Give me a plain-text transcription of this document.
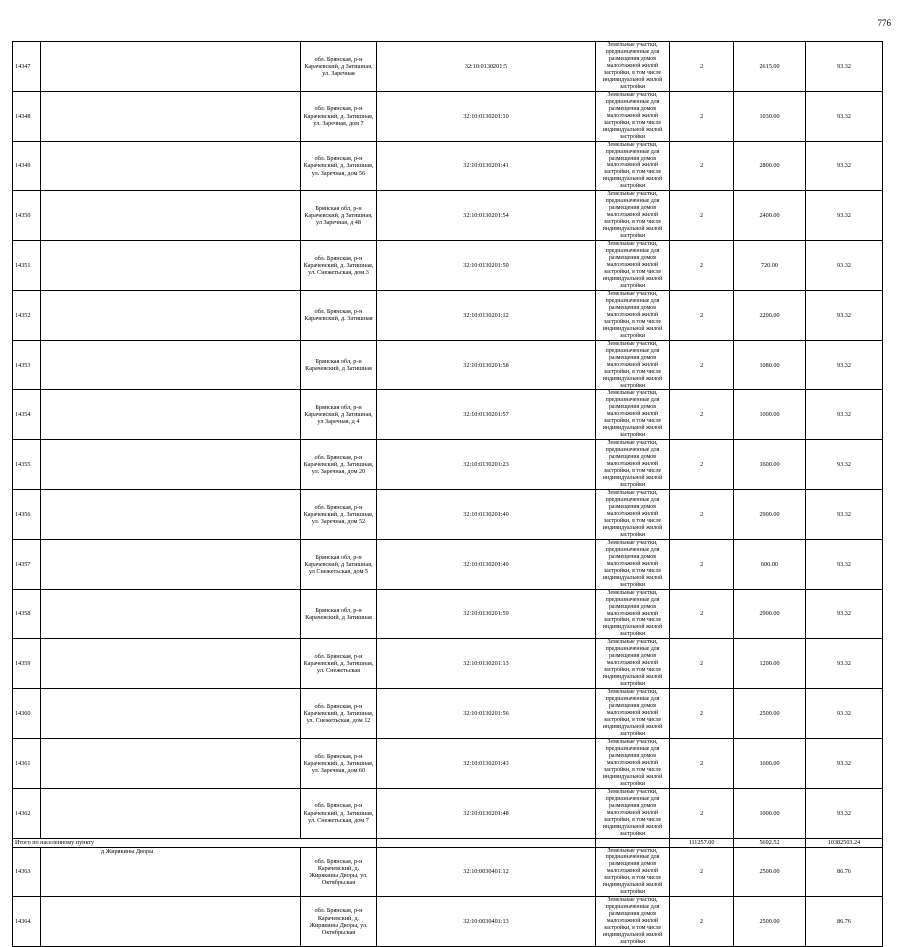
776
14347		обл. Брянская, р-н Карачевский, д Затишная, ул. Заречная	32:10:0130201:5	Земельные участки, предназначенные для размещения домов малоэтажной жилой застройки, в том числе индивидуальной жилой застройки	2	2615.00	93.32	
14348		обл. Брянская, р-н Карачевский, д. Затишная, ул. Заречная, дом 7	32:10:0130201:10	Земельные участки, предназначенные для размещения домов малоэтажной жилой застройки, в том числе индивидуальной жилой застройки	2	1030.00	93.32	
14349		обл. Брянская, р-н Карачевский, д. Затишная, ул. Заречная, дом 56	32:10:0130201:41	Земельные участки, предназначенные для размещения домов малоэтажной жилой застройки, в том числе индивидуальной жилой застройки	2	2800.00	93.32	
14350		Брянская обл, р-н Карачевский, д Затишная, ул Заречная, д 48	32:10:0130201:54	Земельные участки, предназначенные для размещения домов малоэтажной жилой застройки, в том числе индивидуальной жилой застройки	2	2400.00	93.32	
14351		обл. Брянская, р-н Карачевский, д. Затишная, ул. Снежетьская, дом 3	32:10:0130201:50	Земельные участки, предназначенные для размещения домов малоэтажной жилой застройки, в том числе индивидуальной жилой застройки	2	720.00	93.32	
14352		обл. Брянская, р-н Карачевский, д. Затишная	32:10:0130201:12	Земельные участки, предназначенные для размещения домов малоэтажной жилой застройки, в том числе индивидуальной жилой застройки	2	2200.00	93.32	
14353		Брянская обл, р-н Карачевский, д Затишная	32:10:0130201:58	Земельные участки, предназначенные для размещения домов малоэтажной жилой застройки, в том числе индивидуальной жилой застройки	2	1080.00	93.32	
14354		Брянская обл, р-н Карачевский, д Затишная, ул Заречная, д 4	32:10:0130201:57	Земельные участки, предназначенные для размещения домов малоэтажной жилой застройки, в том числе индивидуальной жилой застройки	2	1000.00	93.32	
14355		обл. Брянская, р-н Карачевский, д. Затишная, ул. Заречная, дом 20	32:10:0130201:23	Земельные участки, предназначенные для размещения домов малоэтажной жилой застройки, в том числе индивидуальной жилой застройки	2	1600.00	93.32	
14356		обл. Брянская, р-н Карачевский, д. Затишная, ул. Заречная, дом 52	32:10:0130201:40	Земельные участки, предназначенные для размещения домов малоэтажной жилой застройки, в том числе индивидуальной жилой застройки	2	2900.00	93.32	
14357		Брянская обл, р-н Карачевский, д Затишная, ул Снежетьская, дом 5	32:10:0130201:49	Земельные участки, предназначенные для размещения домов малоэтажной жилой застройки, в том числе индивидуальной жилой застройки	2	600.00	93.32	
14358		Брянская обл, р-н Карачевский, д Затишная	32:10:0130201:59	Земельные участки, предназначенные для размещения домов малоэтажной жилой застройки, в том числе индивидуальной жилой застройки	2	2900.00	93.32	
14359		обл. Брянская, р-н Карачевский, д. Затишная, ул. Снежетьская	32:10:0130201:13	Земельные участки, предназначенные для размещения домов малоэтажной жилой застройки, в том числе индивидуальной жилой застройки	2	1200.00	93.32	
14360		обл. Брянская, р-н Карачевский, д. Затишная, ул. Снежетьская, дом 12	32:10:0130201:56	Земельные участки, предназначенные для размещения домов малоэтажной жилой застройки, в том числе индивидуальной жилой застройки	2	2500.00	93.32	
14361		обл. Брянская, р-н Карачевский, д. Затишная, ул. Заречная, дом 60	32:10:0130201:43	Земельные участки, предназначенные для размещения домов малоэтажной жилой застройки, в том числе индивидуальной жилой застройки	2	1600.00	93.32	
14362		обл. Брянская, р-н Карачевский, д. Затишная, ул. Снежетьская, дом 7	32:10:0130201:48	Земельные участки, предназначенные для размещения домов малоэтажной жилой застройки, в том числе индивидуальной жилой застройки	2	1000.00	93.32	
Итого по населенному пункту					111257.00	5692.52	10382503.24	
14363	д Жирякины Дворы	обл. Брянская, р-н Карачевский, д. Жирякины Дворы, ул. Октябрьская	32:10:0030401:12	Земельные участки, предназначенные для размещения домов малоэтажной жилой застройки, в том числе индивидуальной жилой застройки	2	2500.00	86.76	
14364		обл. Брянская, р-н Карачевский, д. Жирякины Дворы, ул. Октябрьская	32:10:0030401:13	Земельные участки, предназначенные для размещения домов малоэтажной жилой застройки, в том числе индивидуальной жилой застройки	2	2500.00	86.76	
